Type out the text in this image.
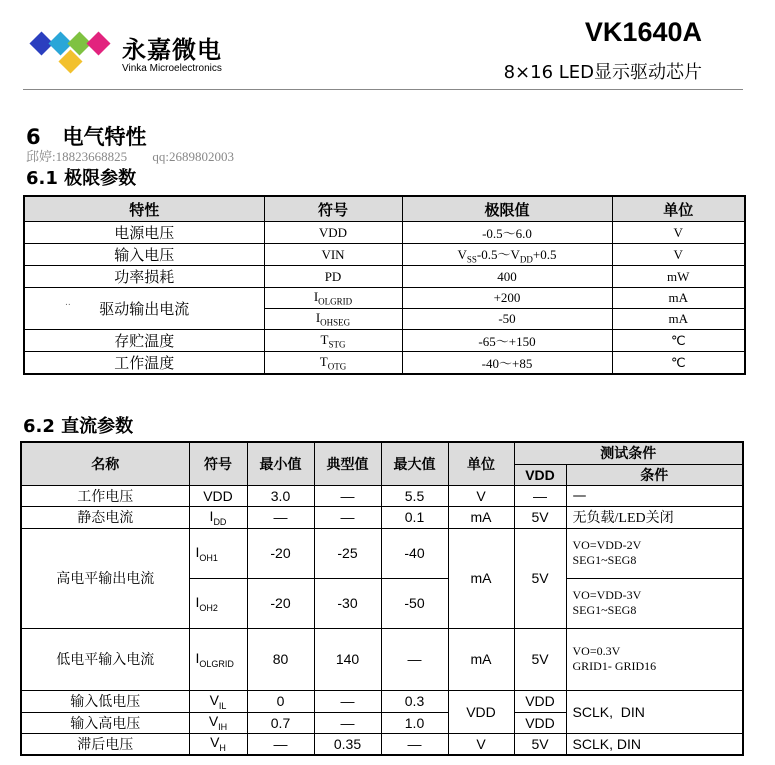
永嘉微电
Vinka Microelectronics
VK1640A
8×16 LED显示驱动芯片
6   电气特性
邱婷:18823668825 qq:2689802003
6.1 极限参数
特性	符号	极限值	单位
电源电压	VDD	-0.5～6.0	V
输入电压	VIN	$V_{SS}-0.5\sim V_{DD}+0.5$	V
功率损耗	PD	400	mW

.. 驱动输出电流	$I_{OLGRID}$	+200	mA
	$I_{OHSEG}$	-50	mA
存贮温度	$T_{STG}$	-65～+150	℃
工作温度	$T_{OTG}$	-40～+85	℃
6.2 直流参数
名称	符号	最小值	典型值	最大值	单位	测试条件	
						VDD	条件
工作电压	VDD	3.0	—	5.5	V	—	—
静态电流	$I_{DD}$	—	—	0.1	mA	5V	无负载/LED关闭
高电平输出电流	$I_{OH1}$	-20	-25	-40	mA	5V	VO=VDD-2V
SEG1~SEG8

	$I_{OH2}$	-20	-30	-50			VO=VDD-3V
SEG1~SEG8

低电平输入电流	$I_{OLGRID}$	80	140	—	mA	5V	VO=0.3V
GRID1- GRID16

输入低电压	$V_{IL}$	0	—	0.3	VDD	VDD	SCLK,  DIN
输入高电压	$V_{IH}$	0.7	—	1.0		VDD	
滞后电压	$V_H$	—	0.35	—	V	5V	SCLK, DIN
